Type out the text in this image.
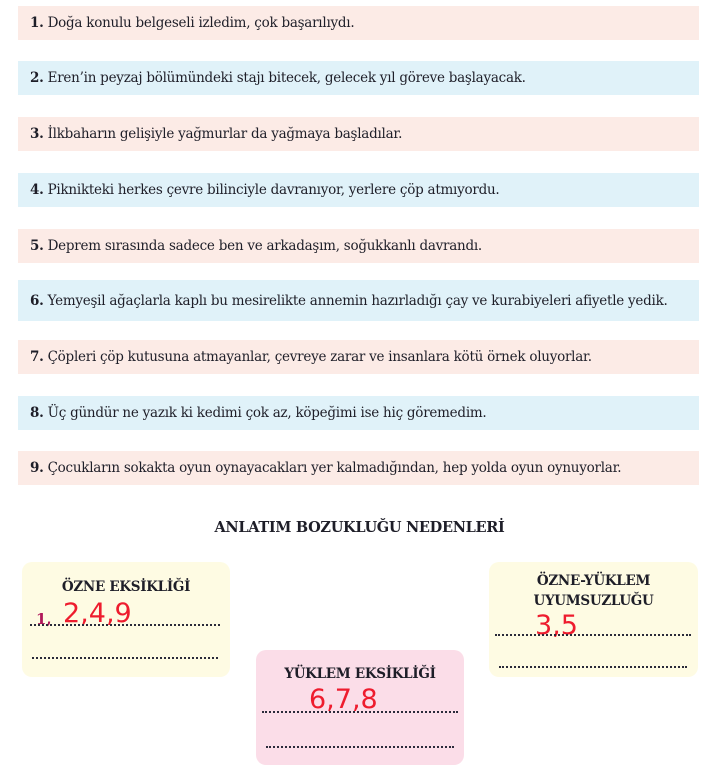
1. Doğa konulu belgeseli izledim, çok başarılıydı.
2. Eren’in peyzaj bölümündeki stajı bitecek, gelecek yıl göreve başlayacak.
3. İlkbaharın gelişiyle yağmurlar da yağmaya başladılar.
4. Piknikteki herkes çevre bilinciyle davranıyor, yerlere çöp atmıyordu.
5. Deprem sırasında sadece ben ve arkadaşım, soğukkanlı davrandı.
6. Yemyeşil ağaçlarla kaplı bu mesirelikte annemin hazırladığı çay ve kurabiyeleri afiyetle yedik.
7. Çöpleri çöp kutusuna atmayanlar, çevreye zarar ve insanlara kötü örnek oluyorlar.
8. Üç gündür ne yazık ki kedimi çok az, köpeğimi ise hiç göremedim.
9. Çocukların sokakta oyun oynayacakları yer kalmadığından, hep yolda oyun oynuyorlar.
ANLATIM BOZUKLUĞU NEDENLERİ
ÖZNE EKSİKLİĞİ
1, 2,4,9
YÜKLEM EKSİKLİĞİ
6,7,8
ÖZNE-YÜKLEM
UYUMSUZLUĞU
3,5
